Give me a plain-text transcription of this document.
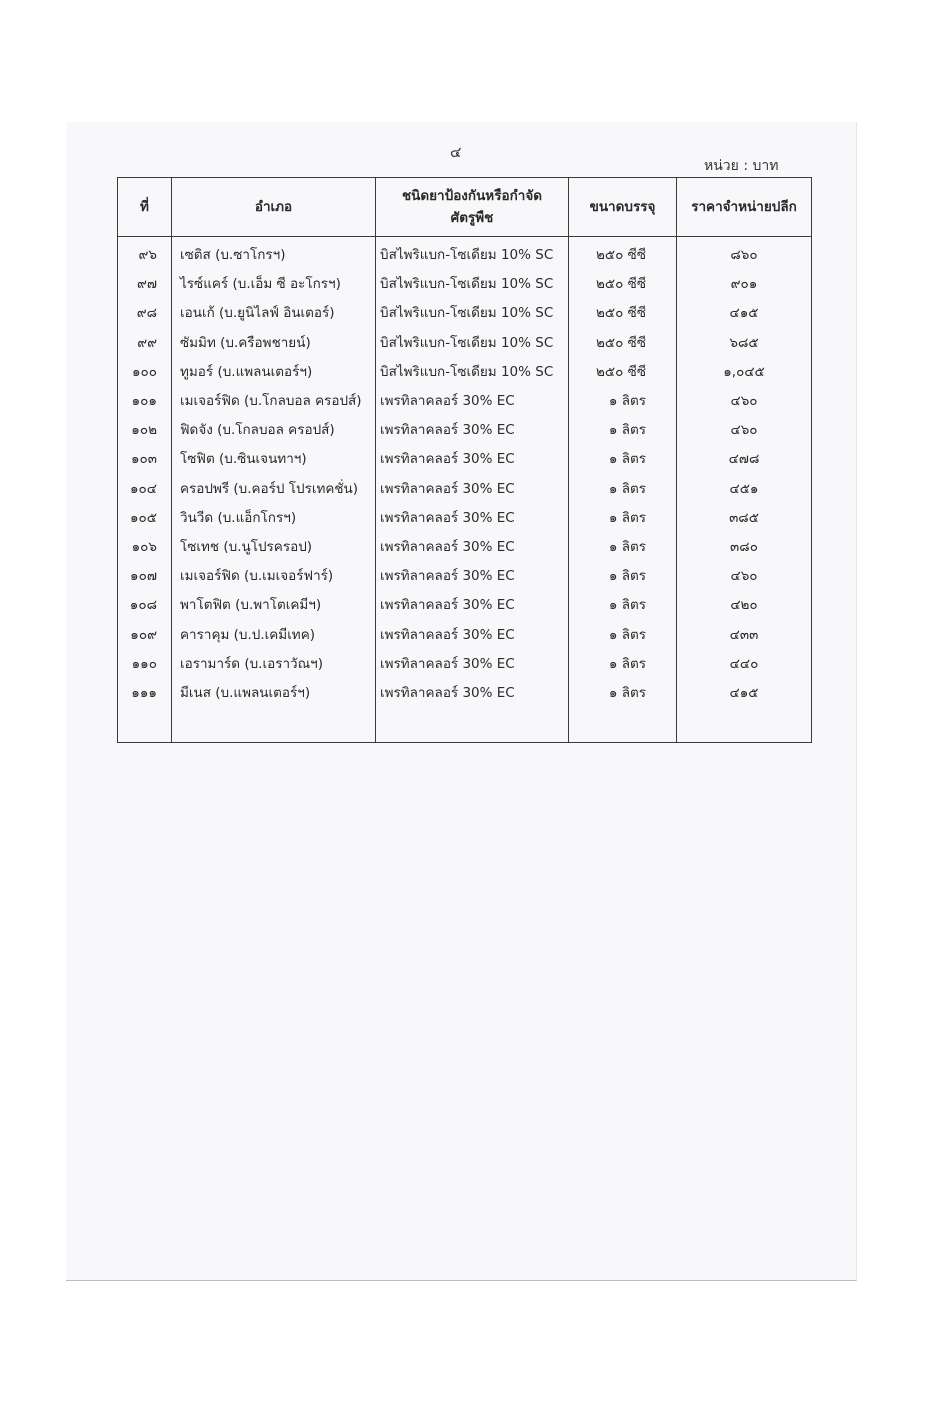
๔
หน่วย : บาท
ที่	อำเภอ	ชนิดยาป้องกันหรือกำจัดศัตรูพืช	ขนาดบรรจุ	ราคาจำหน่ายปลีก
๙๖	เซติส (บ.ซาโกรฯ)	บิสไพริแบก-โซเดียม 10% SC	๒๕๐ ซีซี	๘๖๐
๙๗	ไรซ์แคร์ (บ.เอ็ม ซี อะโกรฯ)	บิสไพริแบก-โซเดียม 10% SC	๒๕๐ ซีซี	๙๐๑
๙๘	เอนเก้ (บ.ยูนิไลฟ์ อินเตอร์)	บิสไพริแบก-โซเดียม 10% SC	๒๕๐ ซีซี	๔๑๕
๙๙	ซัมมิท (บ.ครือพชายน์)	บิสไพริแบก-โซเดียม 10% SC	๒๕๐ ซีซี	๖๘๕
๑๐๐	ทูมอร์ (บ.แพลนเตอร์ฯ)	บิสไพริแบก-โซเดียม 10% SC	๒๕๐ ซีซี	๑,๐๔๕
๑๐๑	เมเจอร์ฟิด (บ.โกลบอล ครอปส์)	เพรทิลาคลอร์ 30% EC	๑ ลิตร	๔๖๐
๑๐๒	ฟิดจัง (บ.โกลบอล ครอปส์)	เพรทิลาคลอร์ 30% EC	๑ ลิตร	๔๖๐
๑๐๓	โซฟิต (บ.ซินเจนทาฯ)	เพรทิลาคลอร์ 30% EC	๑ ลิตร	๔๗๘
๑๐๔	ครอปพรี (บ.คอร์ป โปรเทคชั่น)	เพรทิลาคลอร์ 30% EC	๑ ลิตร	๔๕๑
๑๐๕	วินวีด (บ.แอ็กโกรฯ)	เพรทิลาคลอร์ 30% EC	๑ ลิตร	๓๘๕
๑๐๖	โซเทช (บ.นูโปรครอป)	เพรทิลาคลอร์ 30% EC	๑ ลิตร	๓๘๐
๑๐๗	เมเจอร์ฟิด (บ.เมเจอร์ฟาร์)	เพรทิลาคลอร์ 30% EC	๑ ลิตร	๔๖๐
๑๐๘	พาโตฟิต (บ.พาโตเคมีฯ)	เพรทิลาคลอร์ 30% EC	๑ ลิตร	๔๒๐
๑๐๙	คาราคุม (บ.ป.เคมีเทค)	เพรทิลาคลอร์ 30% EC	๑ ลิตร	๔๓๓
๑๑๐	เอรามาร์ด (บ.เอราวัณฯ)	เพรทิลาคลอร์ 30% EC	๑ ลิตร	๔๔๐
๑๑๑	มีเนส (บ.แพลนเตอร์ฯ)	เพรทิลาคลอร์ 30% EC	๑ ลิตร	๔๑๕
